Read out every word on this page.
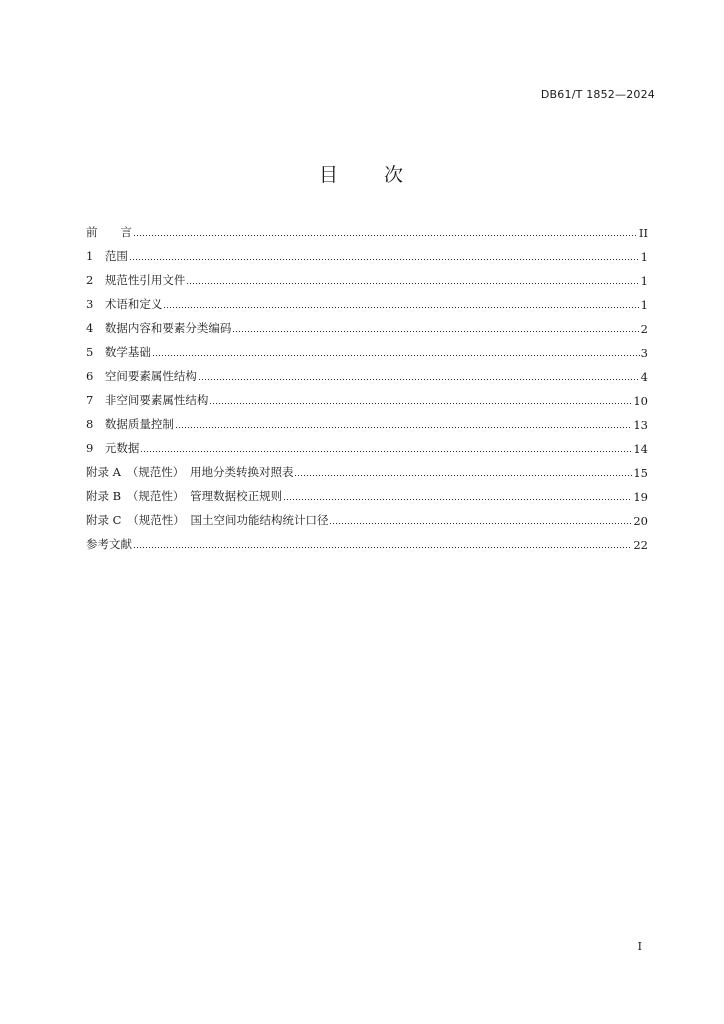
DB61/T 1852—2024
目 次
前　　言	II
1　范围	1
2　规范性引用文件	1
3　术语和定义	1
4　数据内容和要素分类编码	2
5　数学基础	3
6　空间要素属性结构	4
7　非空间要素属性结构	10
8　数据质量控制	13
9　元数据	14
附录 A　（规范性）　用地分类转换对照表	15
附录 B　（规范性）　管理数据校正规则	19
附录 C　（规范性）　国土空间功能结构统计口径	20
参考文献	22
I
